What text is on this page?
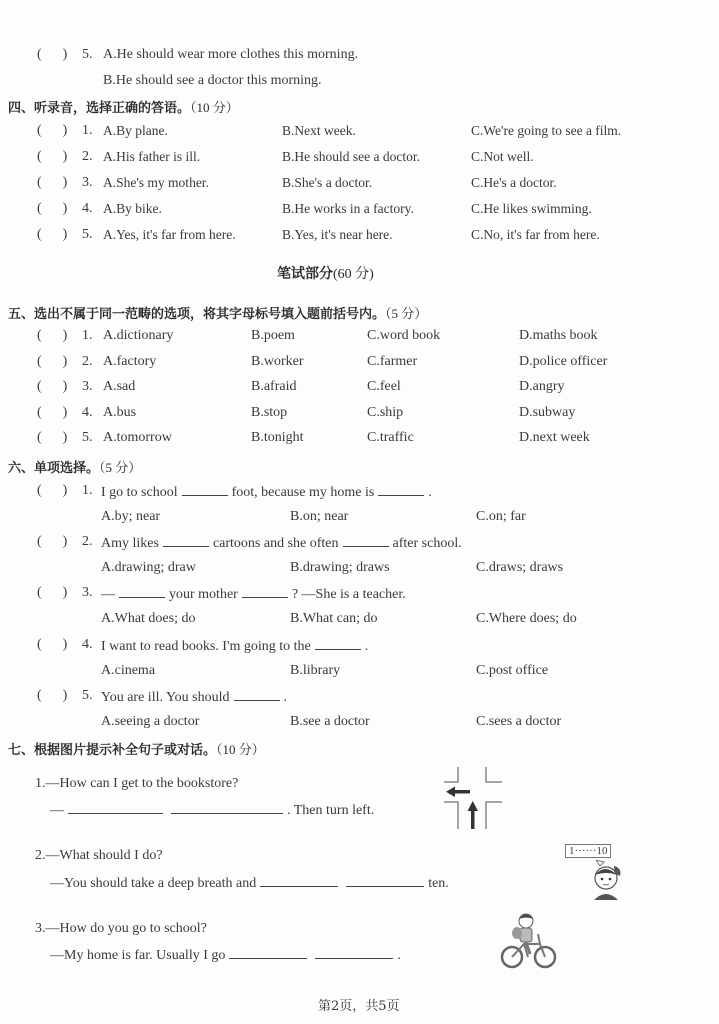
(      ) 5. A.He should wear more clothes this morning.
B.He should see a doctor this morning.
四、听录音，选择正确的答语。（10 分）
(      ) 1. A.By plane.	B.Next week.	C.We're going to see a film.
(      ) 2. A.His father is ill.	B.He should see a doctor.	C.Not well.
(      ) 3. A.She's my mother.	B.She's a doctor.	C.He's a doctor.
(      ) 4. A.By bike.	B.He works in a factory.	C.He likes swimming.
(      ) 5. A.Yes, it's far from here.	B.Yes, it's near here.	C.No, it's far from here.
笔试部分(60 分)
五、选出不属于同一范畴的选项，将其字母标号填入题前括号内。（5 分）
(      ) 1. A.dictionary	B.poem	C.word book	D.maths book
(      ) 2. A.factory	B.worker	C.farmer	D.police officer
(      ) 3. A.sad	B.afraid	C.feel	D.angry
(      ) 4. A.bus	B.stop	C.ship	D.subway
(      ) 5. A.tomorrow	B.tonight	C.traffic	D.next week
六、单项选择。（5 分）
(      ) 1. I go to school	foot, because my home is	.
A.by; near	B.on; near	C.on; far
(      ) 2. Amy likes	cartoons and she often	after school.
A.drawing; draw	B.drawing; draws	C.draws; draws
(      ) 3. —	your mother	? —She is a teacher.
A.What does; do	B.What can; do	C.Where does; do
(      ) 4. I want to read books. I'm going to the	.
A.cinema	B.library	C.post office
(      ) 5. You are ill. You should	.
A.seeing a doctor	B.see a doctor	C.sees a doctor
七、根据图片提示补全句子或对话。（10 分）
1.—How can I get to the bookstore?
—	. Then turn left.
2.—What should I do?
—You should take a deep breath and	ten.
1······10
3.—How do you go to school?
—My home is far. Usually I go	.
第2页，共5页
